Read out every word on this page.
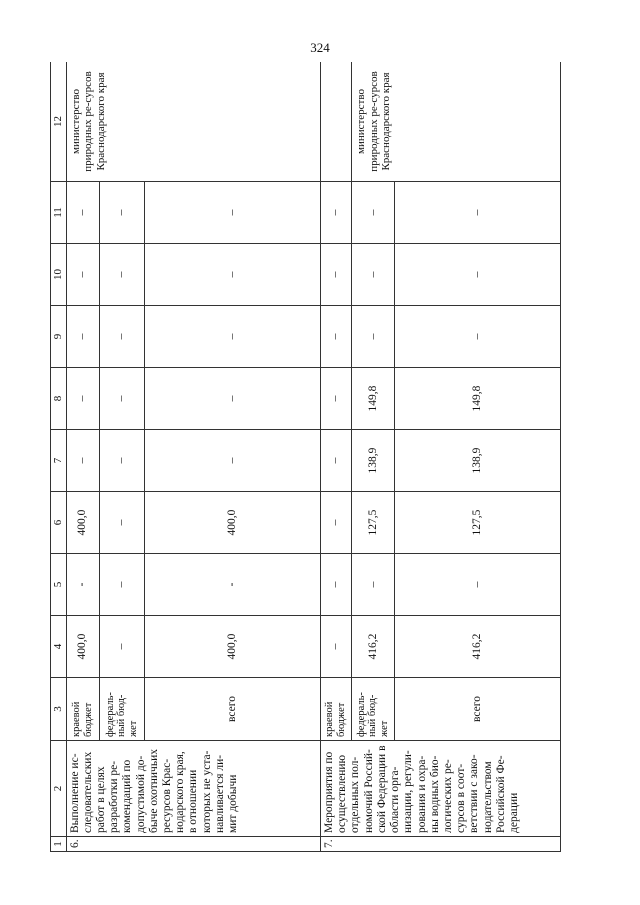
324
1	2	3	4	5	6	7	8	9	10	11	12
6.	Выполнение ис-следовательских работ в целях разработки ре-комендаций по допустимой до-быче охотничьих ресурсов Крас-нодарского края, в отношении которых не уста-навливается ли-мит добычи	краевой бюджет	400,0	-	400,0	–	–	–	–	–	министерство природных ре-сурсов Краснодарского края
		федераль-ный бюд-жет	–	–	–	–	–	–	–	–	
		всего	400,0	-	400,0	–	–	–	–	–	
7.	Мероприятия по осуществлению отдельных пол-номочий Россий-ской Федерации в области орга-низации, регули-рования и охра-ны водных био-логических ре-сурсов в соот-ветствии с зако-нодательством Российской Фе-дерации	краевой бюджет	–	–	–	–	–	–	–	–	
		федераль-ный бюд-жет	416,2	–	127,5	138,9	149,8	–	–	–	министерство природных ре-сурсов Краснодарского края
		всего	416,2	–	127,5	138,9	149,8	–	–	–	
